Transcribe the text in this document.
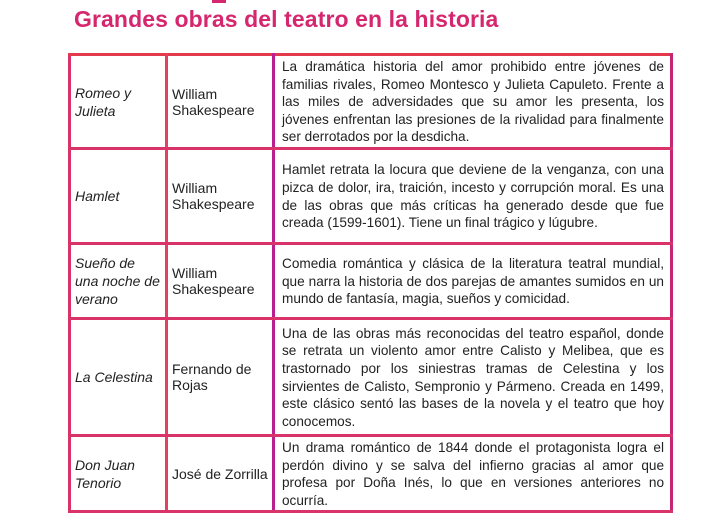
Grandes obras del teatro en la historia
Romeo y Julieta	William Shakespeare	La dramática historia del amor prohibido entre jóvenes de familias rivales, Romeo Montesco y Julieta Capuleto. Frente a las miles de adversidades que su amor les presenta, los jóvenes enfrentan las presiones de la rivalidad para finalmente ser derrotados por la desdicha.
Hamlet	William Shakespeare	Hamlet retrata la locura que deviene de la venganza, con una pizca de dolor, ira, traición, incesto y corrupción moral. Es una de las obras que más críticas ha generado desde que fue creada (1599-1601). Tiene un final trágico y lúgubre.
Sueño de una noche de verano	William Shakespeare	Comedia romántica y clásica de la literatura teatral mundial, que narra la historia de dos parejas de amantes sumidos en un mundo de fantasía, magia, sueños y comicidad.
La Celestina	Fernando de Rojas	Una de las obras más reconocidas del teatro español, donde se retrata un violento amor entre Calisto y Melibea, que es trastornado por los siniestras tramas de Celestina y los sirvientes de Calisto, Sempronio y Pármeno. Creada en 1499, este clásico sentó las bases de la novela y el teatro que hoy conocemos.
Don Juan Tenorio	José de Zorrilla	Un drama romántico de 1844 donde el protagonista logra el perdón divino y se salva del infierno gracias al amor que profesa por Doña Inés, lo que en versiones anteriores no ocurría.
